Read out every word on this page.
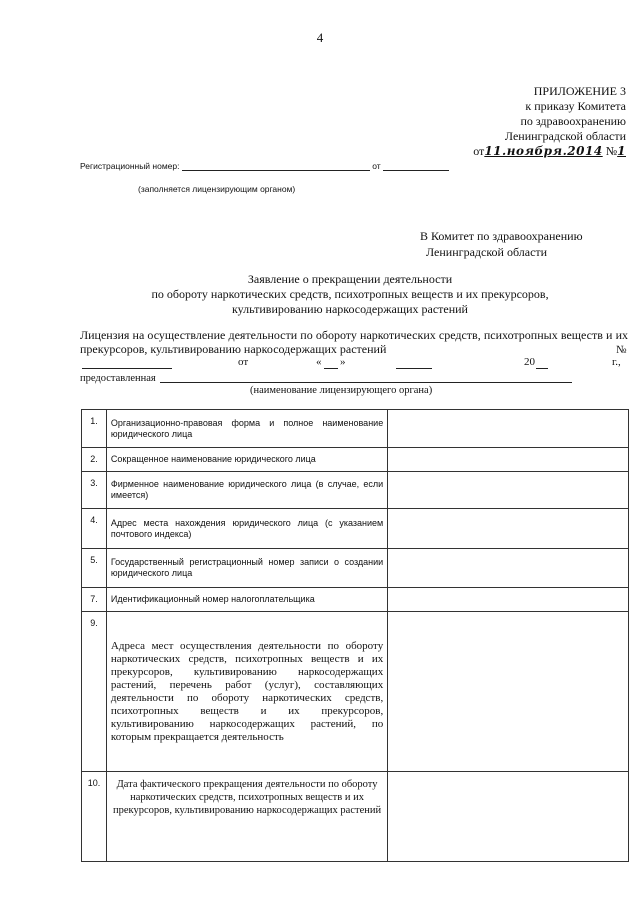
4
ПРИЛОЖЕНИЕ 3
к приказу Комитета
по здравоохранению
Ленинградской области
от11.ноября.2014 №1
Регистрационный номер:	от
(заполняется лицензирующим органом)
В Комитет по здравоохранению
Ленинградской области
Заявление о прекращении деятельности
по обороту наркотических средств, психотропных веществ и их прекурсоров,
культивированию наркосодержащих растений
Лицензия на осуществление деятельности по обороту наркотических средств, психотропных веществ и их прекурсоров, культивированию наркосодержащих растений	№
от	« »	20	г.,
предоставленная
(наименование лицензирующего органа)
1.	Организационно-правовая форма и полное наименование юридического лица	
2.	Сокращенное наименование юридического лица	
3.	Фирменное наименование юридического лица (в случае, если имеется)	
4.	Адрес места нахождения юридического лица (с указанием почтового индекса)	
5.	Государственный регистрационный номер записи о создании юридического лица	
7.	Идентификационный номер налогоплательщика	
9.	Адреса мест осуществления деятельности по обороту наркотических средств, психотропных веществ и их прекурсоров, культивированию наркосодержащих растений, перечень работ (услуг), составляющих деятельности по обороту наркотических средств, психотропных веществ и их прекурсоров, культивированию наркосодержащих растений, по которым прекращается деятельность	
10.	Дата фактического прекращения деятельности по обороту наркотических средств, психотропных веществ и их прекурсоров, культивированию наркосодержащих растений	
